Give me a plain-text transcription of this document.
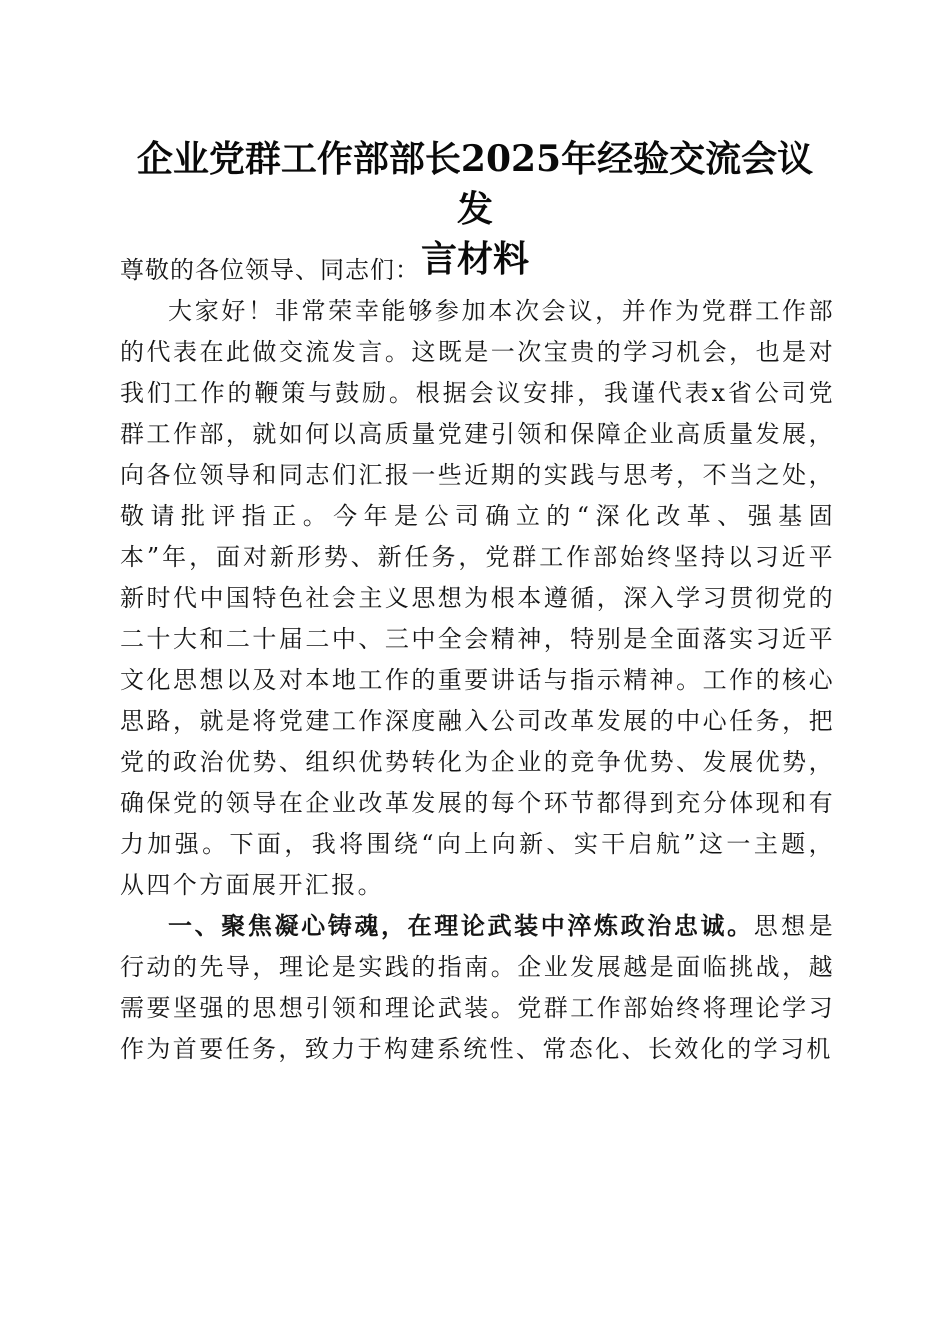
企业党群工作部部长2025年经验交流会议发
言材料

尊敬的各位领导、同志们：

大家好！非常荣幸能够参加本次会议，并作为党群工作部的代表在此做交流发言。这既是一次宝贵的学习机会，也是对我们工作的鞭策与鼓励。根据会议安排，我谨代表x省公司党群工作部，就如何以高质量党建引领和保障企业高质量发展，向各位领导和同志们汇报一些近期的实践与思考，不当之处，敬请批评指正。今年是公司确立的“深化改革、强基固本”年，面对新形势、新任务，党群工作部始终坚持以习近平新时代中国特色社会主义思想为根本遵循，深入学习贯彻党的二十大和二十届二中、三中全会精神，特别是全面落实习近平文化思想以及对本地工作的重要讲话与指示精神。工作的核心思路，就是将党建工作深度融入公司改革发展的中心任务，把党的政治优势、组织优势转化为企业的竞争优势、发展优势，确保党的领导在企业改革发展的每个环节都得到充分体现和有力加强。下面，我将围绕“向上向新、实干启航”这一主题，从四个方面展开汇报。

一、聚焦凝心铸魂，在理论武装中淬炼政治忠诚。思想是行动的先导，理论是实践的指南。企业发展越是面临挑战，越需要坚强的思想引领和理论武装。党群工作部始终将理论学习作为首要任务，致力于构建系统性、常态化、长效化的学习机
